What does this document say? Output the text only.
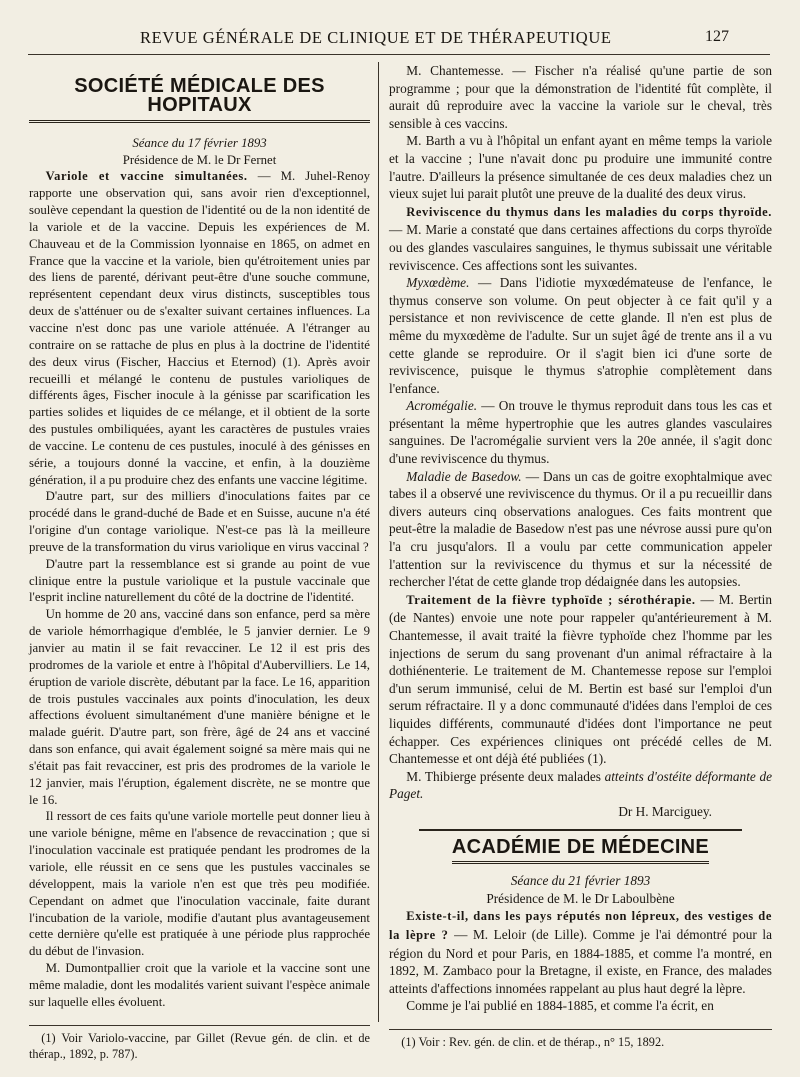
REVUE GÉNÉRALE DE CLINIQUE ET DE THÉRAPEUTIQUE	127
SOCIÉTÉ MÉDICALE DES HOPITAUX

Séance du 17 février 1893

Présidence de M. le Dr Fernet

Variole et vaccine simultanées. — M. Juhel-Renoy rapporte une observation qui, sans avoir rien d'exceptionnel, soulève cependant la question de l'identité ou de la non identité de la variole et de la vaccine. Depuis les expériences de M. Chauveau et de la Commission lyonnaise en 1865, on admet en France que la vaccine et la variole, bien qu'étroitement unies par des liens de parenté, dérivant peut-être d'une souche commune, représentent cependant deux virus distincts, susceptibles tous deux de s'atténuer ou de s'exalter suivant certaines influences. La vaccine n'est donc pas une variole atténuée. A l'étranger au contraire on se rattache de plus en plus à la doctrine de l'identité des deux virus (Fischer, Haccius et Eternod) (1). Après avoir recueilli et mélangé le contenu de pustules varioliques de différents âges, Fischer inocule à la génisse par scarification les parties solides et liquides de ce mélange, et il obtient de la sorte des pustules ombiliquées, ayant les caractères de pustules vraies de vaccine. Le contenu de ces pustules, inoculé à des génisses en série, a toujours donné la vaccine, et enfin, à la douzième génération, il a pu produire chez des enfants une vaccine légitime.

D'autre part, sur des milliers d'inoculations faites par ce procédé dans le grand-duché de Bade et en Suisse, aucune n'a été l'origine d'un contage variolique. N'est-ce pas là la meilleure preuve de la transformation du virus variolique en virus vaccinal ?

D'autre part la ressemblance est si grande au point de vue clinique entre la pustule variolique et la pustule vaccinale que l'esprit incline naturellement du côté de la doctrine de l'identité.

Un homme de 20 ans, vacciné dans son enfance, perd sa mère de variole hémorrhagique d'emblée, le 5 janvier dernier. Le 9 janvier au matin il se fait revacciner. Le 12 il est pris des prodromes de la variole et entre à l'hôpital d'Aubervilliers. Le 14, éruption de variole discrète, débutant par la face. Le 16, apparition de trois pustules vaccinales aux points d'inoculation, les deux affections évoluent simultanément d'une manière bénigne et le malade guérit. D'autre part, son frère, âgé de 24 ans et vacciné dans son enfance, qui avait également soigné sa mère mais qui ne s'était pas fait revacciner, est pris des prodromes de la variole le 12 janvier, mais l'éruption, également discrète, ne se montre que le 16.

Il ressort de ces faits qu'une variole mortelle peut donner lieu à une variole bénigne, même en l'absence de revaccination ; que si l'inoculation vaccinale est pratiquée pendant les prodromes de la variole, elle réussit en ce sens que les pustules vaccinales se développent, mais la variole n'en est que très peu modifiée. Cependant on admet que l'inoculation vaccinale, faite durant l'incubation de la variole, modifie d'autant plus avantageusement cette dernière qu'elle est pratiquée à une période plus rapprochée du début de l'invasion.

M. Dumontpallier croit que la variole et la vaccine sont une même maladie, dont les modalités varient suivant l'espèce animale sur laquelle elles évoluent.

(1) Voir Variolo-vaccine, par Gillet (Revue gén. de clin. et de thérap., 1892, p. 787).

M. Chantemesse. — Fischer n'a réalisé qu'une partie de son programme ; pour que la démonstration de l'identité fût complète, il aurait dû reproduire avec la vaccine la variole sur le cheval, très sensible à ces vaccins.

M. Barth a vu à l'hôpital un enfant ayant en même temps la variole et la vaccine ; l'une n'avait donc pu produire une immunité contre l'autre. D'ailleurs la présence simultanée de ces deux maladies chez un vieux sujet lui parait plutôt une preuve de la dualité des deux virus.

Reviviscence du thymus dans les maladies du corps thyroïde. — M. Marie a constaté que dans certaines affections du corps thyroïde ou des glandes vasculaires sanguines, le thymus subissait une véritable reviviscence. Ces affections sont les suivantes.

Myxœdème. — Dans l'idiotie myxœdémateuse de l'enfance, le thymus conserve son volume. On peut objecter à ce fait qu'il y a persistance et non reviviscence de cette glande. Il n'en est plus de même du myxœdème de l'adulte. Sur un sujet âgé de trente ans il a vu cette glande se reproduire. Or il s'agit bien ici d'une sorte de reviviscence, puisque le thymus s'atrophie complètement dans l'enfance.

Acromégalie. — On trouve le thymus reproduit dans tous les cas et présentant la même hypertrophie que les autres glandes vasculaires sanguines. De l'acromégalie survient vers la 20e année, il s'agit donc d'une reviviscence du thymus.

Maladie de Basedow. — Dans un cas de goitre exophtalmique avec tabes il a observé une reviviscence du thymus. Or il a pu recueillir dans divers auteurs cinq observations analogues. Ces faits montrent que peut-être la maladie de Basedow n'est pas une névrose aussi pure qu'on l'a cru jusqu'alors. Il a voulu par cette communication appeler l'attention sur la reviviscence du thymus et sur la nécessité de rechercher l'état de cette glande trop dédaignée dans les autopsies.

Traitement de la fièvre typhoïde ; sérothérapie. — M. Bertin (de Nantes) envoie une note pour rappeler qu'antérieurement à M. Chantemesse, il avait traité la fièvre typhoïde chez l'homme par les injections de serum du sang provenant d'un animal réfractaire à la dothiénenterie. Le traitement de M. Chantemesse repose sur l'emploi d'un serum immunisé, celui de M. Bertin est basé sur l'emploi d'un serum réfractaire. Il y a donc communauté d'idées dans l'emploi de ces liquides différents, communauté d'idées dont l'importance ne peut échapper. Ces expériences cliniques ont précédé celles de M. Chantemesse et ont déjà été publiées (1).

M. Thibierge présente deux malades atteints d'ostéite déformante de Paget.

Dr H. Marciguey.

ACADÉMIE DE MÉDECINE

Séance du 21 février 1893

Présidence de M. le Dr Laboulbène

Existe-t-il, dans les pays réputés non lépreux, des vestiges de la lèpre ? — M. Leloir (de Lille). Comme je l'ai démontré pour la région du Nord et pour Paris, en 1884-1885, et comme l'a montré, en 1892, M. Zambaco pour la Bretagne, il existe, en France, des malades atteints d'affections innomées rappelant au plus haut degré la lèpre.

Comme je l'ai publié en 1884-1885, et comme l'a écrit, en

(1) Voir : Rev. gén. de clin. et de thérap., n° 15, 1892.
